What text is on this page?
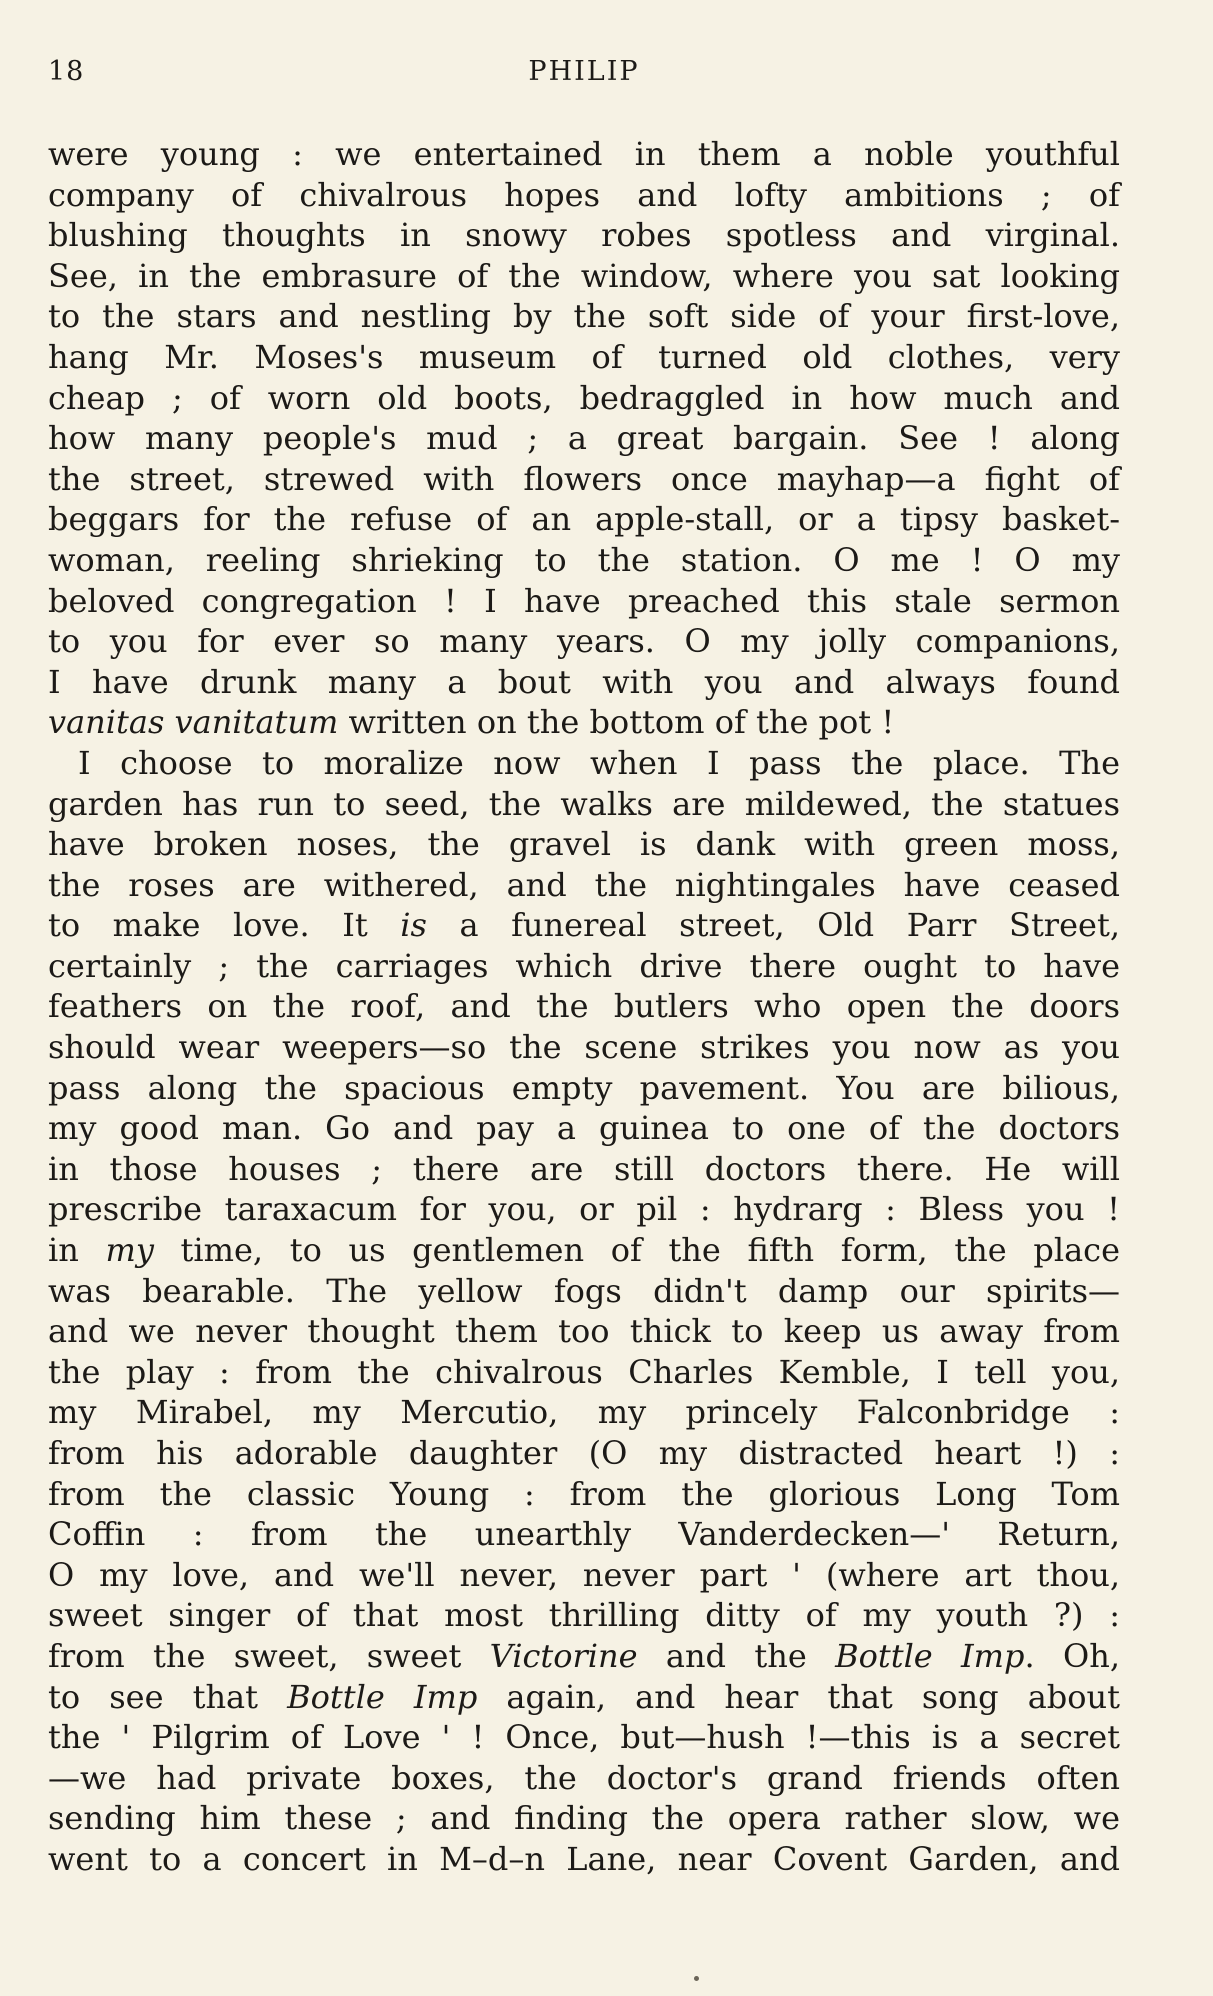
18	PHILIP
were young : we entertained in them a noble youthful
company of chivalrous hopes and lofty ambitions ; of
blushing thoughts in snowy robes spotless and virginal.
See, in the embrasure of the window, where you sat looking
to the stars and nestling by the soft side of your first-love,
hang Mr. Moses's museum of turned old clothes, very
cheap ; of worn old boots, bedraggled in how much and
how many people's mud ; a great bargain. See ! along
the street, strewed with flowers once mayhap—a fight of
beggars for the refuse of an apple-stall, or a tipsy basket-
woman, reeling shrieking to the station. O me ! O my
beloved congregation ! I have preached this stale sermon
to you for ever so many years. O my jolly companions,
I have drunk many a bout with you and always found
vanitas vanitatum written on the bottom of the pot !
I choose to moralize now when I pass the place. The
garden has run to seed, the walks are mildewed, the statues
have broken noses, the gravel is dank with green moss,
the roses are withered, and the nightingales have ceased
to make love. It is a funereal street, Old Parr Street,
certainly ; the carriages which drive there ought to have
feathers on the roof, and the butlers who open the doors
should wear weepers—so the scene strikes you now as you
pass along the spacious empty pavement. You are bilious,
my good man. Go and pay a guinea to one of the doctors
in those houses ; there are still doctors there. He will
prescribe taraxacum for you, or pil : hydrarg : Bless you !
in my time, to us gentlemen of the fifth form, the place
was bearable. The yellow fogs didn't damp our spirits—
and we never thought them too thick to keep us away from
the play : from the chivalrous Charles Kemble, I tell you,
my Mirabel, my Mercutio, my princely Falconbridge :
from his adorable daughter (O my distracted heart !) :
from the classic Young : from the glorious Long Tom
Coffin : from the unearthly Vanderdecken—' Return,
O my love, and we'll never, never part ' (where art thou,
sweet singer of that most thrilling ditty of my youth ?) :
from the sweet, sweet Victorine and the Bottle Imp. Oh,
to see that Bottle Imp again, and hear that song about
the ' Pilgrim of Love ' ! Once, but—hush !—this is a secret
—we had private boxes, the doctor's grand friends often
sending him these ; and finding the opera rather slow, we
went to a concert in M–d–n Lane, near Covent Garden, and
